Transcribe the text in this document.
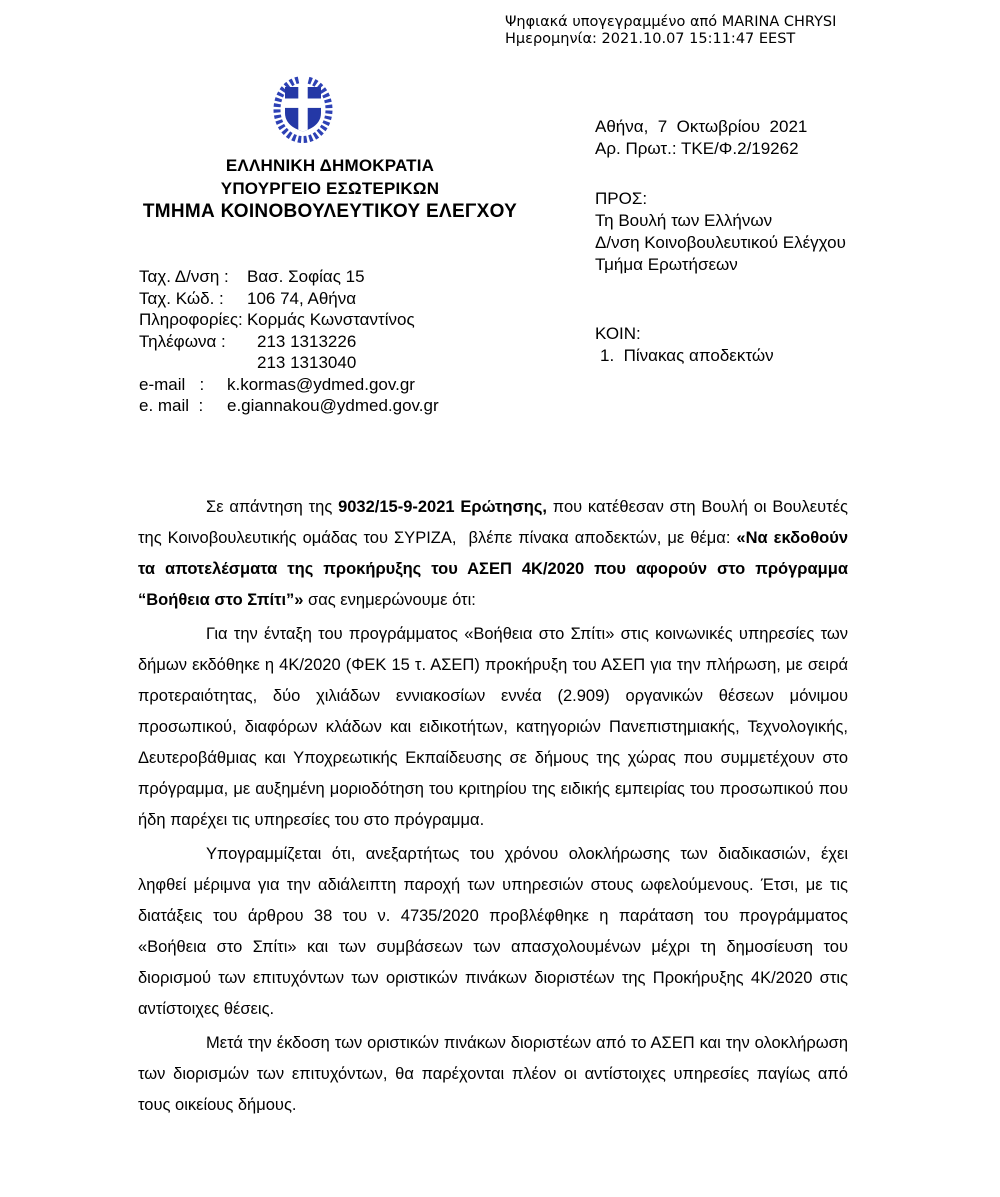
Ψηφιακά υπογεγραμμένο από MARINA CHRYSI
Ημερομηνία: 2021.10.07 15:11:47 EEST
ΕΛΛΗΝΙΚΗ ΔΗΜΟΚΡΑΤΙΑ
ΥΠΟΥΡΓΕΙΟ ΕΣΩΤΕΡΙΚΩΝ
ΤΜΗΜΑ ΚΟΙΝΟΒΟΥΛΕΥΤΙΚΟΥ ΕΛΕΓΧΟΥ
Ταχ. Δ/νση :	Βασ. Σοφίας 15
Ταχ. Κώδ. :	106 74, Αθήνα
Πληροφορίες: Κορμάς Κωνσταντίνος
Τηλέφωνα :	213 1313226
213 1313040
e-mail   :	k.kormas@ydmed.gov.gr
e. mail  :	e.giannakou@ydmed.gov.gr
Αθήνα,  7  Οκτωβρίου  2021
Αρ. Πρωτ.: ΤΚΕ/Φ.2/19262
ΠΡΟΣ:
Τη Βουλή των Ελλήνων
Δ/νση Κοινοβουλευτικού Ελέγχου
Τμήμα Ερωτήσεων
ΚΟΙΝ:
1.  Πίνακας αποδεκτών

Σε απάντηση της 9032/15-9-2021 Ερώτησης, που κατέθεσαν στη Βουλή οι Βουλευτές της Κοινοβουλευτικής ομάδας του ΣΥΡΙΖΑ,  βλέπε πίνακα αποδεκτών, με θέμα: «Να εκδοθούν τα αποτελέσματα της προκήρυξης του ΑΣΕΠ 4Κ/2020 που αφορούν στο πρόγραμμα “Βοήθεια στο Σπίτι”» σας ενημερώνουμε ότι:

Για την ένταξη του προγράμματος «Βοήθεια στο Σπίτι» στις κοινωνικές υπηρεσίες των δήμων εκδόθηκε η 4Κ/2020 (ΦΕΚ 15 τ. ΑΣΕΠ) προκήρυξη του ΑΣΕΠ για την πλήρωση, με σειρά προτεραιότητας, δύο χιλιάδων εννιακοσίων εννέα (2.909) οργανικών θέσεων μόνιμου προσωπικού, διαφόρων κλάδων και ειδικοτήτων, κατηγοριών Πανεπιστημιακής, Τεχνολογικής, Δευτεροβάθμιας και Υποχρεωτικής Εκπαίδευσης σε δήμους της χώρας που συμμετέχουν στο πρόγραμμα, με αυξημένη μοριοδότηση του κριτηρίου της ειδικής εμπειρίας του προσωπικού που ήδη παρέχει τις υπηρεσίες του στο πρόγραμμα.

Υπογραμμίζεται ότι, ανεξαρτήτως του χρόνου ολοκλήρωσης των διαδικασιών, έχει ληφθεί μέριμνα για την αδιάλειπτη παροχή των υπηρεσιών στους ωφελούμενους. Έτσι, με τις διατάξεις του άρθρου 38 του ν. 4735/2020 προβλέφθηκε η παράταση του προγράμματος «Βοήθεια στο Σπίτι» και των συμβάσεων των απασχολουμένων μέχρι τη δημοσίευση του διορισμού των επιτυχόντων των οριστικών πινάκων διοριστέων της Προκήρυξης 4Κ/2020 στις αντίστοιχες θέσεις.

Μετά την έκδοση των οριστικών πινάκων διοριστέων από το ΑΣΕΠ και την ολοκλήρωση των διορισμών των επιτυχόντων, θα παρέχονται πλέον οι αντίστοιχες υπηρεσίες παγίως από τους οικείους δήμους.
